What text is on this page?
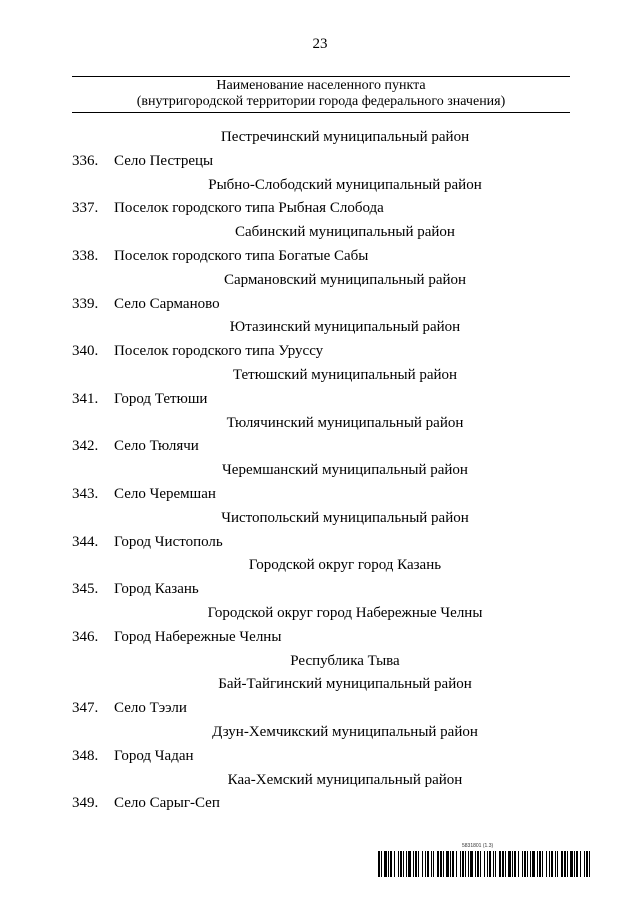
23
Наименование населенного пункта
(внутригородской территории города федерального значения)
Пестречинский муниципальный район
336. Село Пестрецы
Рыбно-Слободский муниципальный район
337. Поселок городского типа Рыбная Слобода
Сабинский муниципальный район
338. Поселок городского типа Богатые Сабы
Сармановский муниципальный район
339. Село Сарманово
Ютазинский муниципальный район
340. Поселок городского типа Уруссу
Тетюшский муниципальный район
341. Город Тетюши
Тюлячинский муниципальный район
342. Село Тюлячи
Черемшанский муниципальный район
343. Село Черемшан
Чистопольский муниципальный район
344. Город Чистополь
Городской округ город Казань
345. Город Казань
Городской округ город Набережные Челны
346. Город Набережные Челны
Республика Тыва
Бай-Тайгинский муниципальный район
347. Село Тээли
Дзун-Хемчикский муниципальный район
348. Город Чадан
Каа-Хемский муниципальный район
349. Село Сарыг-Сеп
5831801 (1.3)
